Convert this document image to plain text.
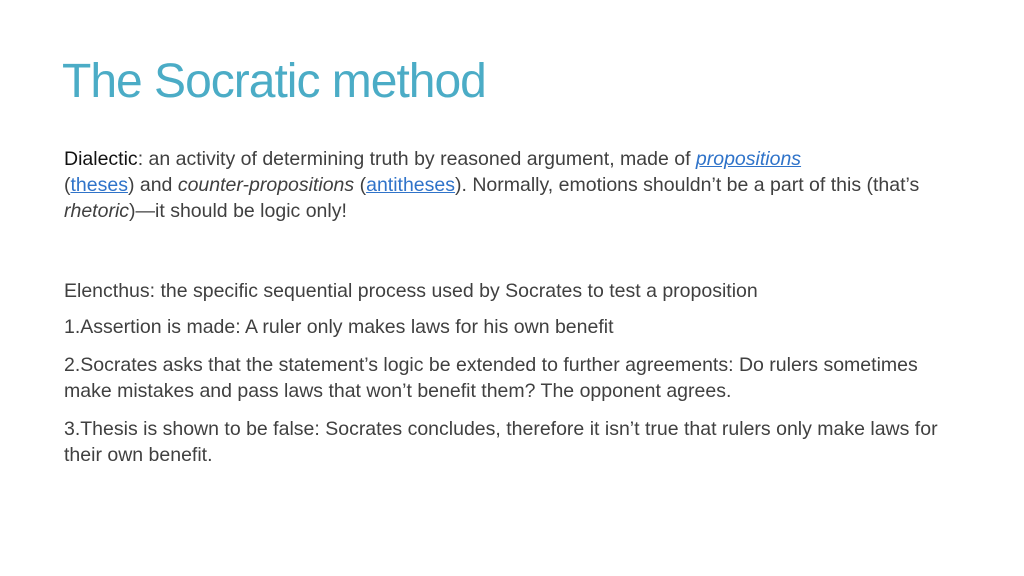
The Socratic method

Dialectic: an activity of determining truth by reasoned argument, made of propositions
(theses) and counter-propositions (antitheses). Normally, emotions shouldn’t be a part of this (that’s rhetoric)—it should be logic only!

Elencthus: the specific sequential process used by Socrates to test a proposition

1.Assertion is made: A ruler only makes laws for his own benefit

2.Socrates asks that the statement’s logic be extended to further agreements: Do rulers sometimes make mistakes and pass laws that won’t benefit them? The opponent agrees.

3.Thesis is shown to be false: Socrates concludes, therefore it isn’t true that rulers only make laws for their own benefit.
